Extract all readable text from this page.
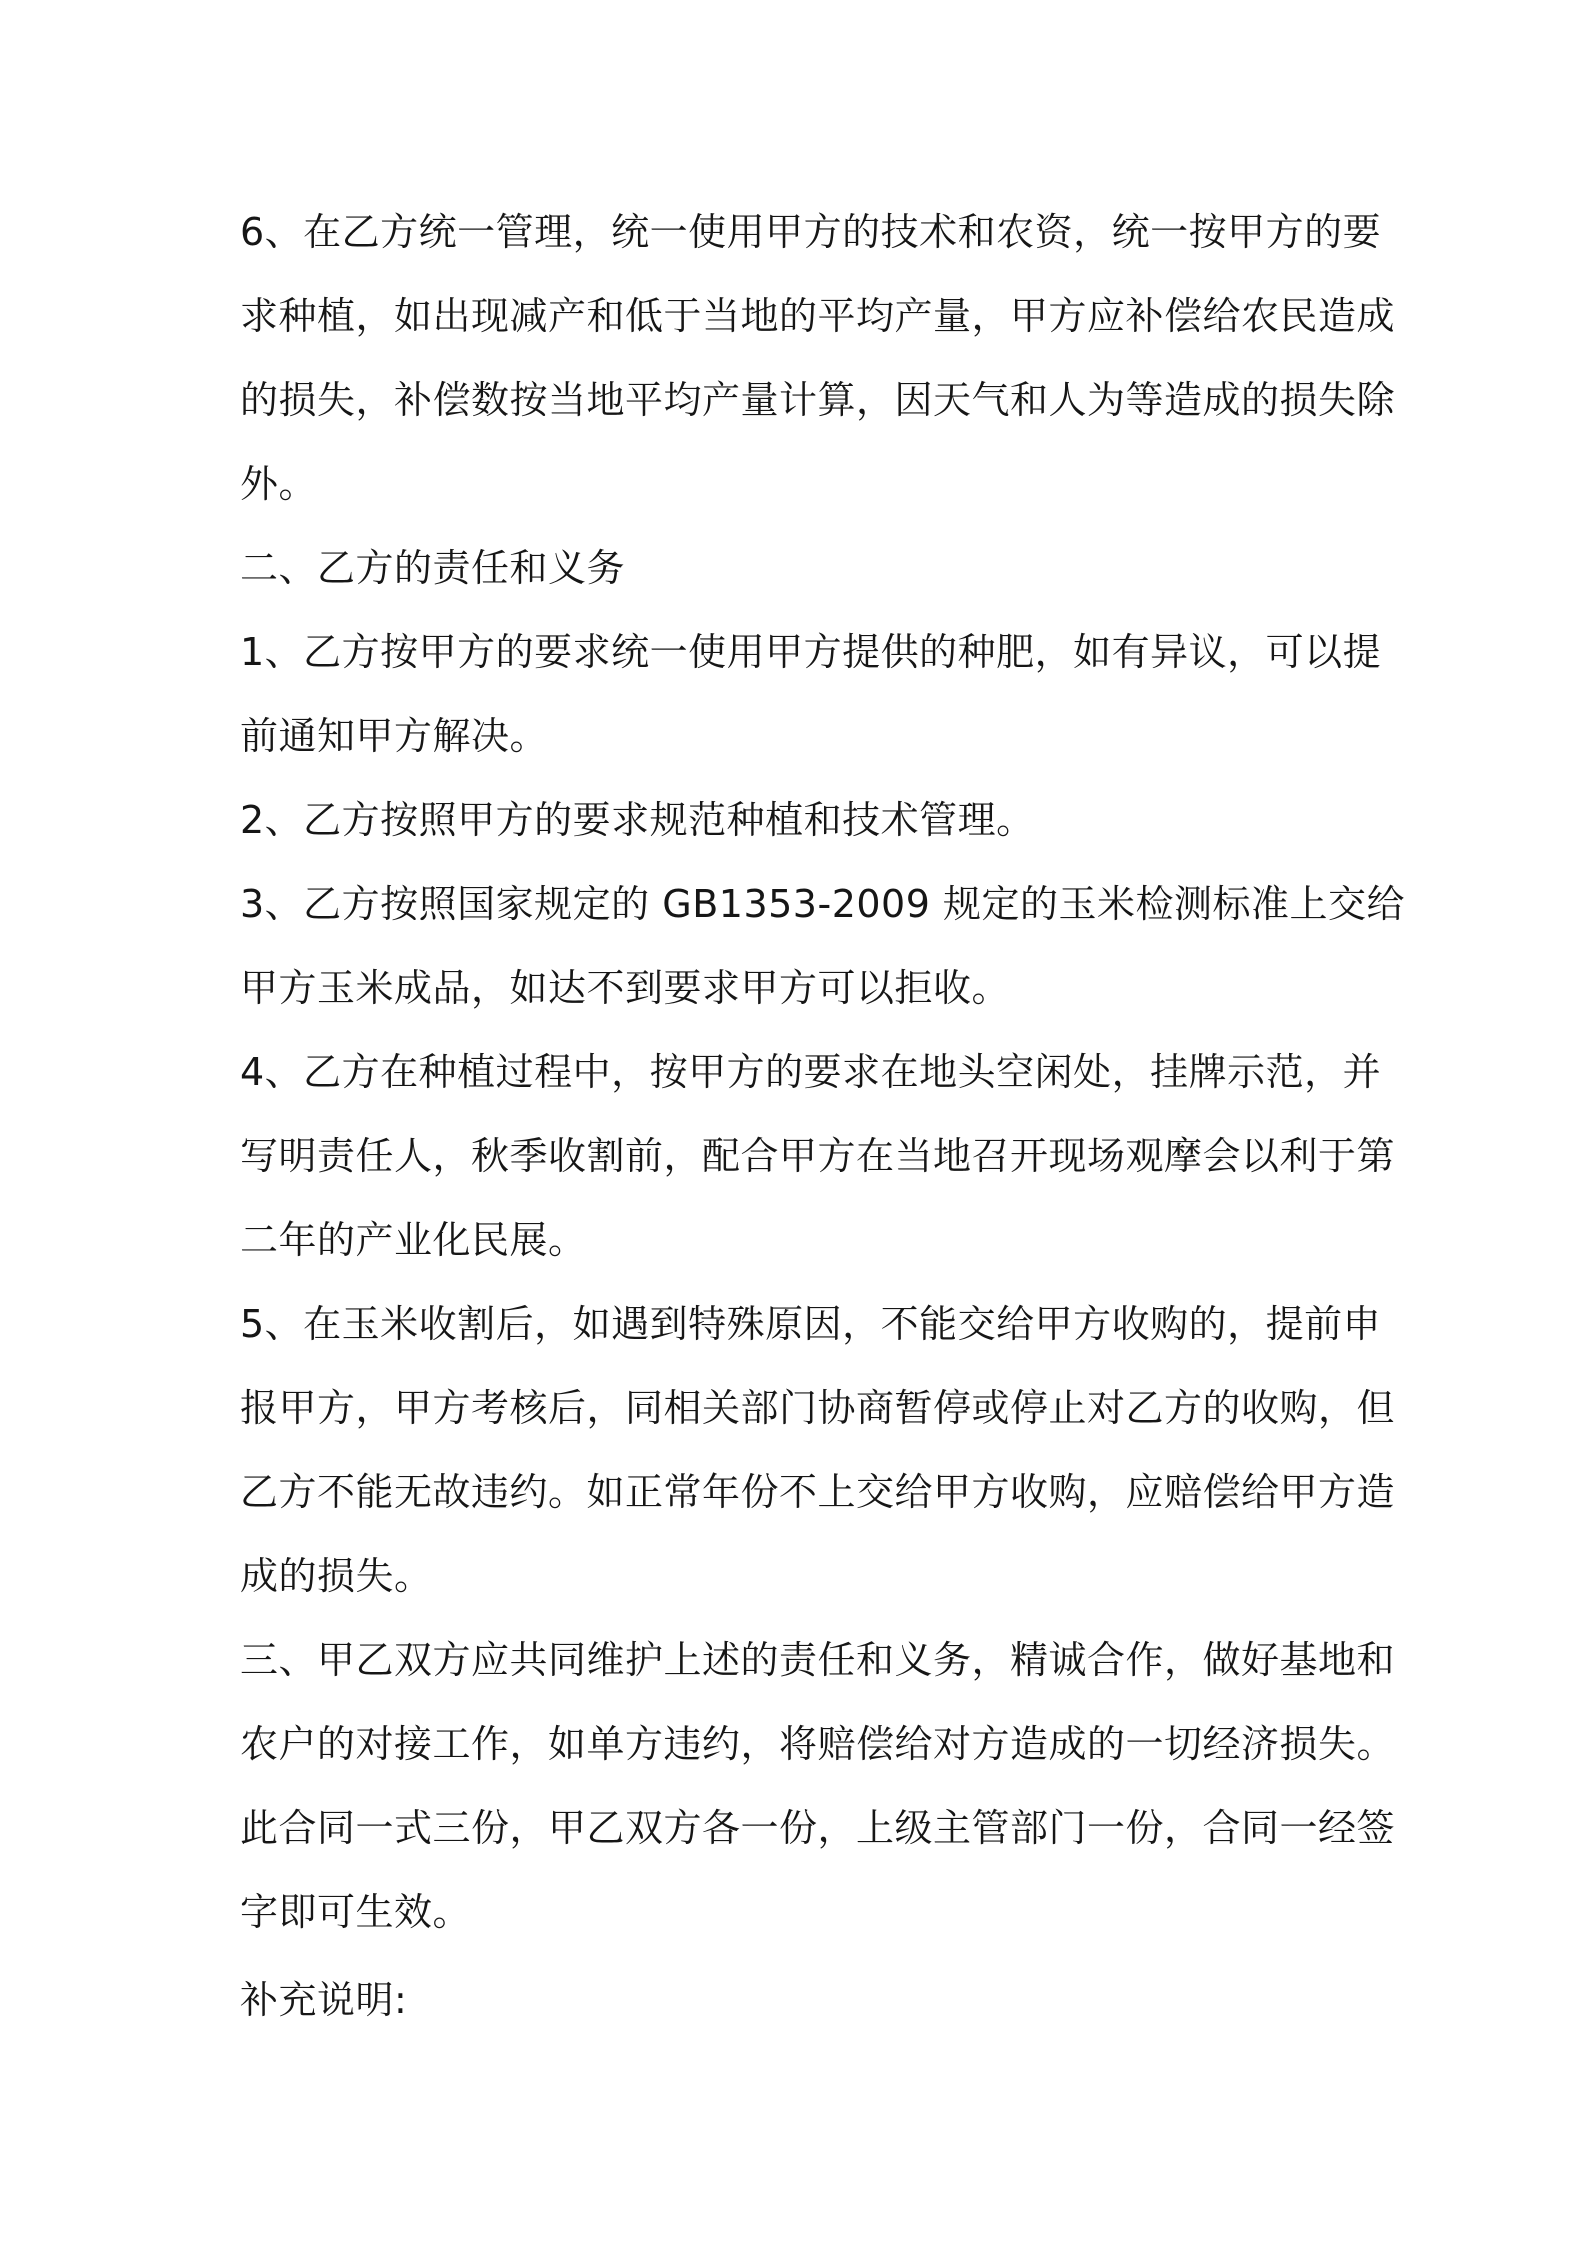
6、在乙方统一管理，统一使用甲方的技术和农资，统一按甲方的要
求种植，如出现减产和低于当地的平均产量，甲方应补偿给农民造成
的损失，补偿数按当地平均产量计算，因天气和人为等造成的损失除
外。
二、乙方的责任和义务
1、乙方按甲方的要求统一使用甲方提供的种肥，如有异议，可以提
前通知甲方解决。
2、乙方按照甲方的要求规范种植和技术管理。
3、乙方按照国家规定的 GB1353-2009 规定的玉米检测标准上交给
甲方玉米成品，如达不到要求甲方可以拒收。
4、乙方在种植过程中，按甲方的要求在地头空闲处，挂牌示范，并
写明责任人，秋季收割前，配合甲方在当地召开现场观摩会以利于第
二年的产业化民展。
5、在玉米收割后，如遇到特殊原因，不能交给甲方收购的，提前申
报甲方，甲方考核后，同相关部门协商暂停或停止对乙方的收购，但
乙方不能无故违约。如正常年份不上交给甲方收购，应赔偿给甲方造
成的损失。
三、甲乙双方应共同维护上述的责任和义务，精诚合作，做好基地和
农户的对接工作，如单方违约，将赔偿给对方造成的一切经济损失。
此合同一式三份，甲乙双方各一份，上级主管部门一份，合同一经签
字即可生效。
补充说明:
